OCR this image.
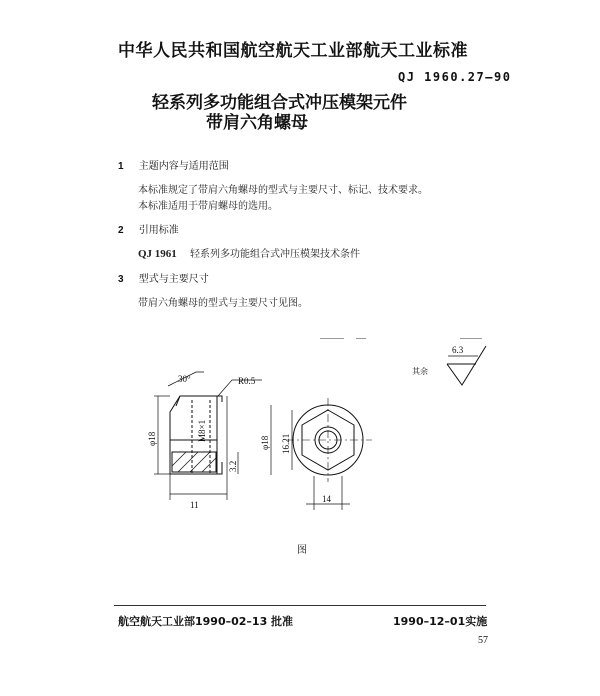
中华人民共和国航空航天工业部航天工业标准
QJ 1960.27–90
轻系列多功能组合式冲压模架元件
带肩六角螺母
1 主题内容与适用范围
本标准规定了带肩六角螺母的型式与主要尺寸、标记、技术要求。
本标准适用于带肩螺母的选用。
2 引用标准
QJ 1961 轻系列多功能组合式冲压模架技术条件
3 型式与主要尺寸
带肩六角螺母的型式与主要尺寸见图。
6.3
其余
30°	R0.5
M8×1
φ18
3.2
11
φ18 16.21
14
图
航空航天工业部1990–02–13 批准	1990–12–01实施
57
